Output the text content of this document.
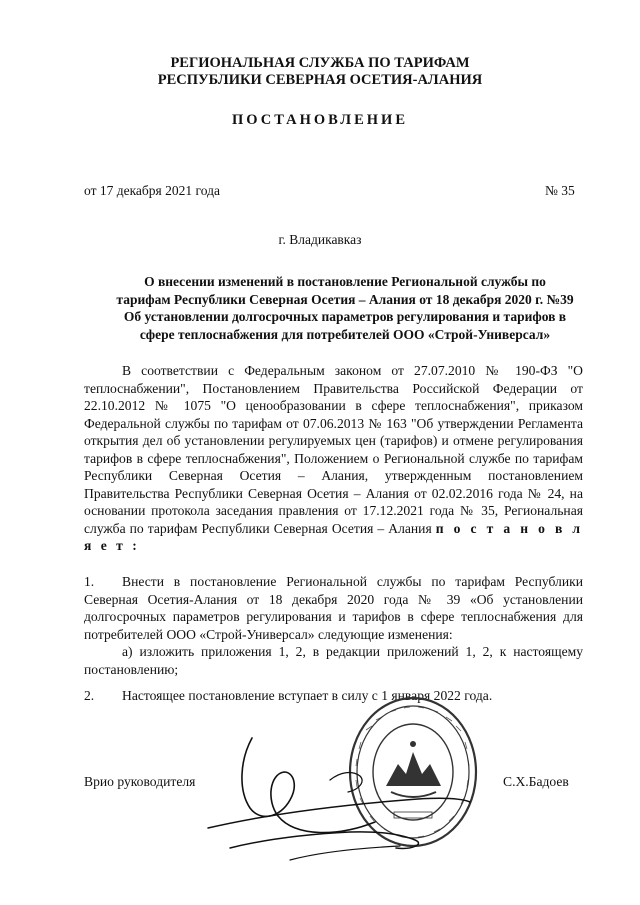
РЕГИОНАЛЬНАЯ СЛУЖБА ПО ТАРИФАМ
РЕСПУБЛИКИ СЕВЕРНАЯ ОСЕТИЯ-АЛАНИЯ
ПОСТАНОВЛЕНИЕ
от 17 декабря 2021 года	№ 35
г. Владикавказ
О внесении изменений в постановление Региональной службы по
тарифам Республики Северная Осетия – Алания от 18 декабря 2020 г. №39
Об установлении долгосрочных параметров регулирования и тарифов в
сфере теплоснабжения для потребителей ООО «Строй-Универсал»

В соответствии с Федеральным законом от 27.07.2010 № 190-ФЗ "О теплоснабжении", Постановлением Правительства Российской Федерации от 22.10.2012 № 1075 "О ценообразовании в сфере теплоснабжения", приказом Федеральной службы по тарифам от 07.06.2013 № 163 "Об утверждении Регламента открытия дел об установлении регулируемых цен (тарифов) и отмене регулирования тарифов в сфере теплоснабжения", Положением о Региональной службе по тарифам Республики Северная Осетия – Алания, утвержденным постановлением Правительства Республики Северная Осетия – Алания от 02.02.2016 года № 24, на основании протокола заседания правления от 17.12.2021 года № 35, Региональная служба по тарифам Республики Северная Осетия – Алания п о с т а н о в л я е т :

1.	Внести в постановление Региональной службы по тарифам Республики Северная Осетия-Алания от 18 декабря 2020 года № 39 «Об установлении долгосрочных параметров регулирования и тарифов в сфере теплоснабжения для потребителей ООО «Строй-Универсал» следующие изменения:
а) изложить приложения 1, 2, в редакции приложений 1, 2, к настоящему постановлению;
2.	Настоящее постановление вступает в силу с 1 января 2022 года.
Врио руководителя	С.Х.Бадоев
